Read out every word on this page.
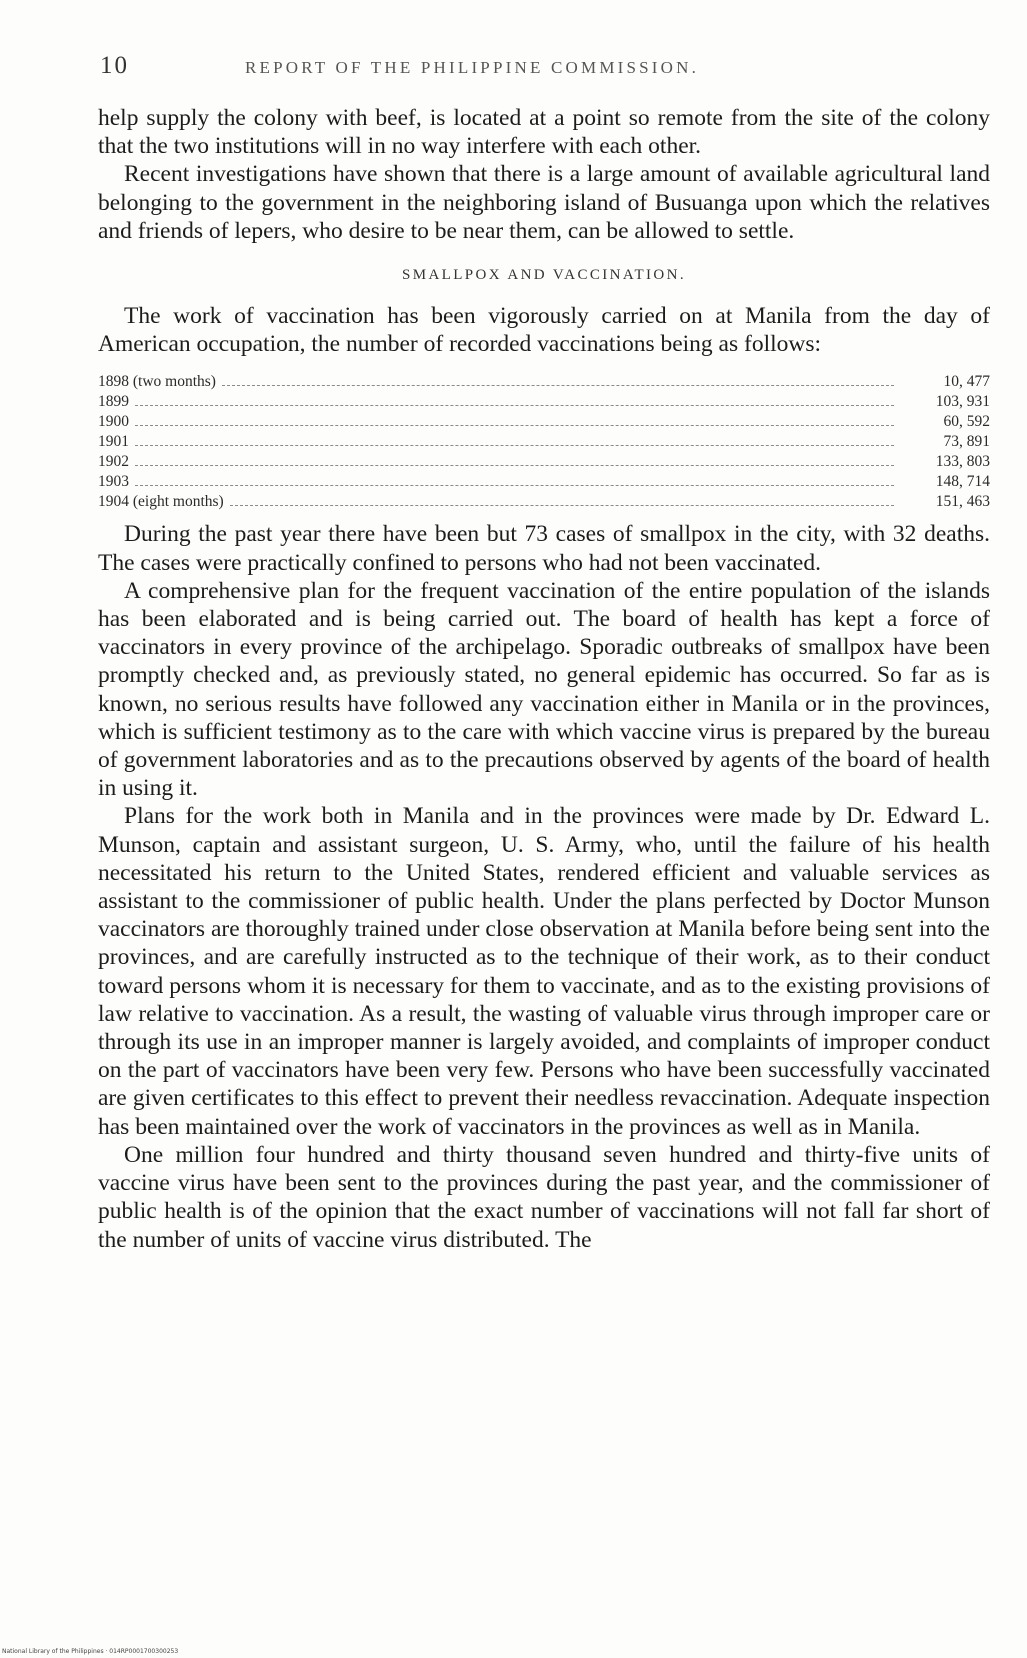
10	REPORT OF THE PHILIPPINE COMMISSION.

help supply the colony with beef, is located at a point so remote from the site of the colony that the two institutions will in no way interfere with each other.

Recent investigations have shown that there is a large amount of available agricultural land belonging to the government in the neighboring island of Busuanga upon which the relatives and friends of lepers, who desire to be near them, can be allowed to settle.

SMALLPOX AND VACCINATION.

The work of vaccination has been vigorously carried on at Manila from the day of American occupation, the number of recorded vaccinations being as follows:

1898 (two months)	10, 477
1899	103, 931
1900	60, 592
1901	73, 891
1902	133, 803
1903	148, 714
1904 (eight months)	151, 463

During the past year there have been but 73 cases of smallpox in the city, with 32 deaths. The cases were practically confined to persons who had not been vaccinated.

A comprehensive plan for the frequent vaccination of the entire population of the islands has been elaborated and is being carried out. The board of health has kept a force of vaccinators in every province of the archipelago. Sporadic outbreaks of smallpox have been promptly checked and, as previously stated, no general epidemic has occurred. So far as is known, no serious results have followed any vaccination either in Manila or in the provinces, which is sufficient testimony as to the care with which vaccine virus is prepared by the bureau of government laboratories and as to the precautions observed by agents of the board of health in using it.

Plans for the work both in Manila and in the provinces were made by Dr. Edward L. Munson, captain and assistant surgeon, U. S. Army, who, until the failure of his health necessitated his return to the United States, rendered efficient and valuable services as assistant to the commissioner of public health. Under the plans perfected by Doctor Munson vaccinators are thoroughly trained under close observation at Manila before being sent into the provinces, and are carefully instructed as to the technique of their work, as to their conduct toward persons whom it is necessary for them to vaccinate, and as to the existing provisions of law relative to vaccination. As a result, the wasting of valuable virus through improper care or through its use in an improper manner is largely avoided, and complaints of improper conduct on the part of vaccinators have been very few. Persons who have been successfully vaccinated are given certificates to this effect to prevent their needless revaccination. Adequate inspection has been maintained over the work of vaccinators in the provinces as well as in Manila.

One million four hundred and thirty thousand seven hundred and thirty-five units of vaccine virus have been sent to the provinces during the past year, and the commissioner of public health is of the opinion that the exact number of vaccinations will not fall far short of the number of units of vaccine virus distributed. The

National Library of the Philippines · 014RP0001700300253
